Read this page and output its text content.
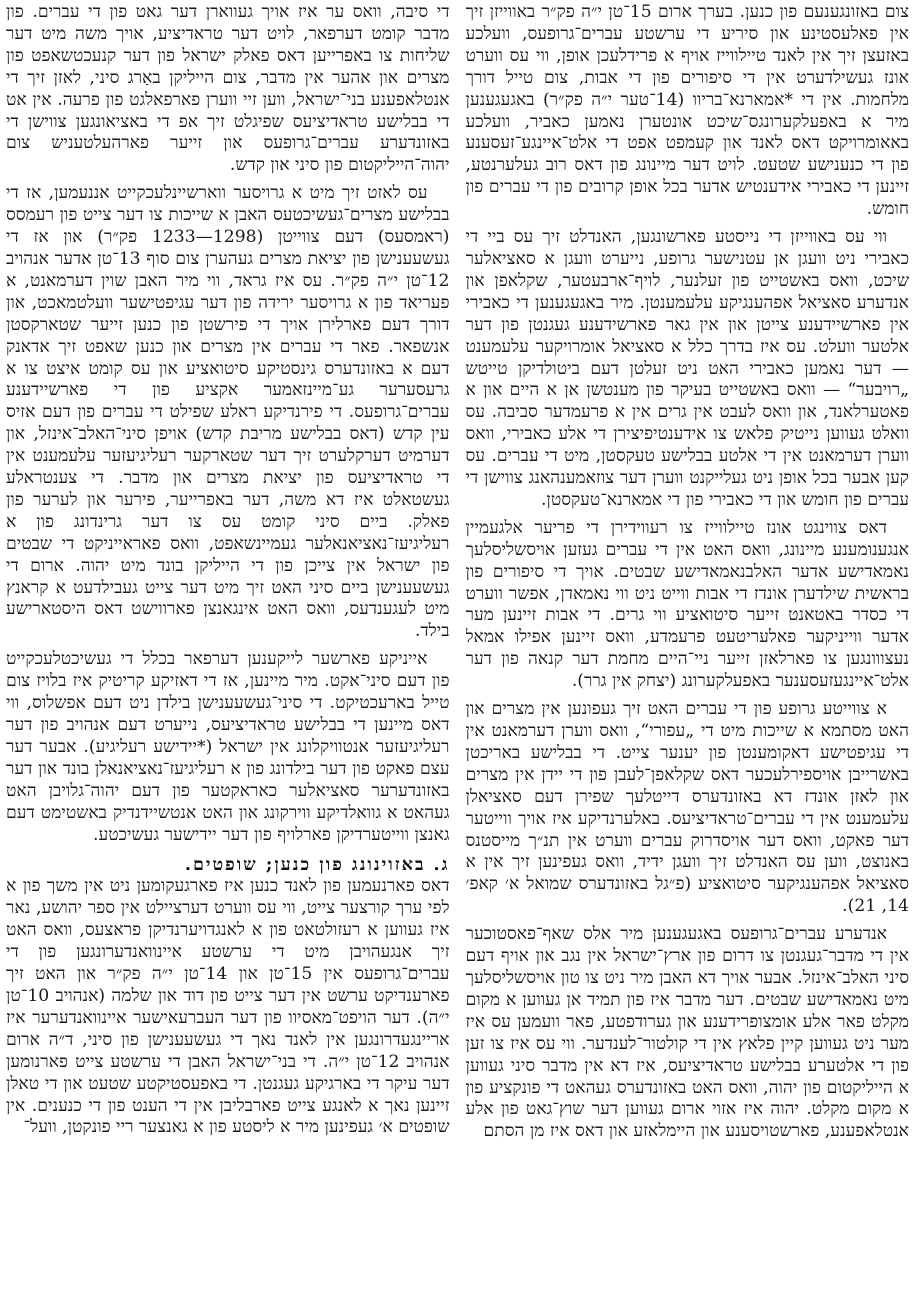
צום באזונגענעם פון כנען. בערך ארום 15־טן י״ה פק״ר באווייזן זיך אין פאלעסטינע און סיריע די ערשטע עברים־גרופעס, וועלכע באזעצן זיך אין לאנד טיילווייז אויף א פרידלעכן אופן, ווי עס ווערט אונז געשילדערט אין די סיפורים פון די אבות, צום טייל דורך מלחמות. אין די *אמארנא־בריוו (14־טער י״ה פק״ר) באגעגענען מיר א באפעלקערונגס־שיכט אונטערן נאמען כאביר, וועלכע באאומרויקט דאס לאנד און קעמפט אפט די אלט־איינגע־זעסענע פון די כנענישע שטעט. לויט דער מיינונג פון דאס רוב געלערנטע, זיינען די כאבירי אידענטיש אדער בכל אופן קרובים פון די עברים פון חומש.

ווי עס באווייזן די נייסטע פארשונגען, האנדלט זיך עס ביי די כאבירי ניט וועגן אן עטנישער גרופע, נייערט וועגן א סאציאלער שיכט, וואס באשטייט פון זעלנער, לויף־ארבעטער, שקלאפן און אנדערע סאציאל אפהענגיקע עלעמענטן. מיר באגעגענען די כאבירי אין פארשיידענע צייטן און אין גאר פארשידענע געגנטן פון דער אלטער וועלט. עס איז בדרך כלל א סאציאל אומרויקער עלעמענט — דער נאמען כאבירי האט ניט זעלטן דעם ביטולדיקן טייטש „רויבער“ — וואס באשטייט בעיקר פון מענטשן אן א היים און א פאטערלאנד, און וואס לעבט אין גרים אין א פרעמדער סביבה. עס וואלט געווען נייטיק פלאש צו אידענטיפיצירן די אלע כאבירי, וואס ווערן דערמאנט אין די אלטע בבלישע טעקסטן, מיט די עברים. עס קען אבער בכל אופן ניט געלייקנט ווערן דער צוזאמענהאנג צווישן די עברים פון חומש און די כאבירי פון די אמארנא־טעקסטן.

דאס צווינגט אונז טיילווייז צו רעווידירן די פריער אלגעמיין אנגענומענע מיינונג, וואס האט אין די עברים געזען אויסשליסלעך נאמאדישע אדער האלבנאמאדישע שבטים. אויך די סיפורים פון בראשית שילדערן אונדז די אבות ווייט ניט ווי נאמאדן, אפשר ווערט די כסדר באטאנט זייער סיטואציע ווי גרים. די אבות זיינען מער אדער ווייניקער פאלעריטעט פרעמדע, וואס זיינען אפילו אמאל נעצווונגען צו פארלאזן זייער ניי־היים מחמת דער קנאה פון דער אלט־איינגעזעסענער באפעלקערונג (יצחק אין גרר).

א צווייטע גרופע פון די עברים האט זיך געפונען אין מצרים און האט מסתמא א שייכות מיט די „עפורי“, וואס ווערן דערמאנט אין די עגיפטישע דאקומענטן פון יענער צייט. די בבלישע באריכטן באשרייבן אויספירלעכער דאס שקלאפן־לעבן פון די יידן אין מצרים און לאזן אונדז דא באזונדערס דייטלעך שפירן דעם סאציאלן עלעמענט אין די עברים־טראדיציעס. באלערנדיקע איז אויך ווייטער דער פאקט, וואס דער אויסדרוק עברים ווערט אין תנ״ך מייסטנס באנוצט, ווען עס האנדלט זיך וועגן ידיד, וואס געפינען זיך אין א סאציאל אפהענגיקער סיטואציע (פ״גל באזונדערס שמואל א׳ קאפ׳ 14, 21).

אנדערע עברים־גרופעס באגעגענען מיר אלס שאף־פאסטוכער אין די מדבר־געגנטן צו דרום פון ארץ־ישראל אין נגב און אויף דעם סיני האלב־אינזל. אבער אויך דא האבן מיר ניט צו טון אויסשליסלעך מיט נאמאדישע שבטים. דער מדבר איז פון תמיד אן געווען א מקום מקלט פאר אלע אומצופרידענע און גערודפטע, פאר וועמען עס איז מער ניט געווען קיין פלאץ אין די קולטור־לענדער. ווי עס איז צו זען פון די אלטערע בבלישע טראדיציעס, איז דא אין מדבר סיני געווען א הייליקטום פון יהוה, וואס האט באזונדערס געהאט די פונקציע פון א מקום מקלט. יהוה איז אזוי ארום געווען דער שוץ־גאט פון אלע אנטלאפענע, פארשטויסענע און היימלאזע און דאס איז מן הסתם

די סיבה, וואס ער איז אויך געווארן דער גאט פון די עברים. פון מדבר קומט דערפאר, לויט דער טראדיציע, אויך משה מיט דער שליחות צו באפרייען דאס פאלק ישראל פון דער קנעכטשאפט פון מצרים און אהער אין מדבר, צום הייליקן באַרג סיני, לאזן זיך די אנטלאפענע בני־ישראל, ווען זיי ווערן פארפאלגט פון פרעה. אין אט די בבלישע טראדיציעס שפיגלט זיך אפ די באציאונגען צווישן די באזונדערע עברים־גרופעס און זייער פארהעלטעניש צום יהוה־הייליקטום פון סיני און קדש.

עס לאזט זיך מיט א גרויסער ווארשיינלעכקייט אננעמען, אז די בבלישע מצרים־געשיכטעס האבן א שייכות צו דער צייט פון רעמסס (ראמסעס) דעם צווייטן (1298—1233 פק״ר) און אז די געשעענישן פון יציאת מצרים געהערן צום סוף 13־טן אדער אנהויב 12־טן י״ה פק״ר. עס איז גראד, ווי מיר האבן שוין דערמאנט, א פעריאד פון א גרויסער ירידה פון דער עגיפטישער וועלטמאכט, און דורך דעם פארלירן אויך די פירשטן פון כנען זייער שטארקסטן אנשפאר. פאר די עברים אין מצרים און כנען שאפט זיך אדאנק דעם א באזונדערס גינסטיקע סיטואציע און עס קומט איצט צו א גרעסערער גע־מיינזאמער אקציע פון די פארשיידענע עברים־גרופעס. די פירנדיקע ראלע שפילט די עברים פון דעם אזיס עין קדש (דאס בבלישע מריבת קדש) אויפן סיני־האלב־אינזל, און דערמיט דערקלערט זיך דער שטארקער רעליגיעזער עלעמענט אין די טראדיציעס פון יציאת מצרים און מדבר. די צענטראלע געשטאלט איז דא משה, דער באפרייער, פירער און לערער פון פאלק. ביים סיני קומט עס צו דער גרינדונג פון א רעליגיעז־נאציאנאלער געמיינשאפט, וואס פאראייניקט די שבטים פון ישראל אין צייכן פון די הייליקן בונד מיט יהוה. ארום די געשעענישן ביים סיני האט זיך מיט דער צייט געבילדעט א קראנץ מיט לעגענדעס, וואס האט אינגאנצן פארווישט דאס היסטארישע בילד.

אייניקע פארשער לייקענען דערפאר בכלל די געשיכטלעכקייט פון דעם סיני־אקט. מיר מיינען, אז די דאזיקע קריטיק איז בלויז צום טייל בארעכטיקט. די סיני־געשעענישן בילדן ניט דעם אפשלוס, ווי דאס מיינען די בבלישע טראדיציעס, נייערט דעם אנהויב פון דער רעליגיעזער אנטוויקלונג אין ישראל (*יידישע רעליגיע). אבער דער עצם פאקט פון דער בילדונג פון א רעליגיעז־נאציאנאלן בונד און דער באזונדערער סאציאלער כאראקטער פון דעם יהוה־גלויבן האט געהאט א גוואלדיקע ווירקונג און האט אנטשיידנדיק באשטימט דעם גאנצן ווייטערדיקן פארלויף פון דער יידישער געשיכטע.

ג. באזוינונג פון כנען; שופטים.

דאס פארנעמען פון לאנד כנען איז פארגעקומען ניט אין משך פון א לפי ערך קורצער צייט, ווי עס ווערט דערציילט אין ספר יהושע, נאר איז געווען א רעזולטאט פון א לאנגדויערנדיקן פראצעס, וואס האט זיך אנגעהויבן מיט די ערשטע איינוואנדערונגען פון די עברים־גרופעס אין 15־טן און 14־טן י״ה פק״ר און האט זיך פארענדיקט ערשט אין דער צייט פון דוד און שלמה (אנהויב 10־טן י״ה). דער הויפט־מאסיוו פון דער העברעאישער איינוואנדערער איז אריינגעדרונגען אין לאנד נאך די געשעענישן פון סיני, ד״ה ארום אנהויב 12־טן י״ה. די בני־ישראל האבן די ערשטע צייט פארנומען דער עיקר די בארגיקע געגנטן. די באפעסטיקטע שטעט און די טאלן זיינען נאך א לאנגע צייט פארבליבן אין די הענט פון די כנענים. אין שופטים א׳ געפינען מיר א ליסטע פון א גאנצער ריי פונקטן, וועל־
